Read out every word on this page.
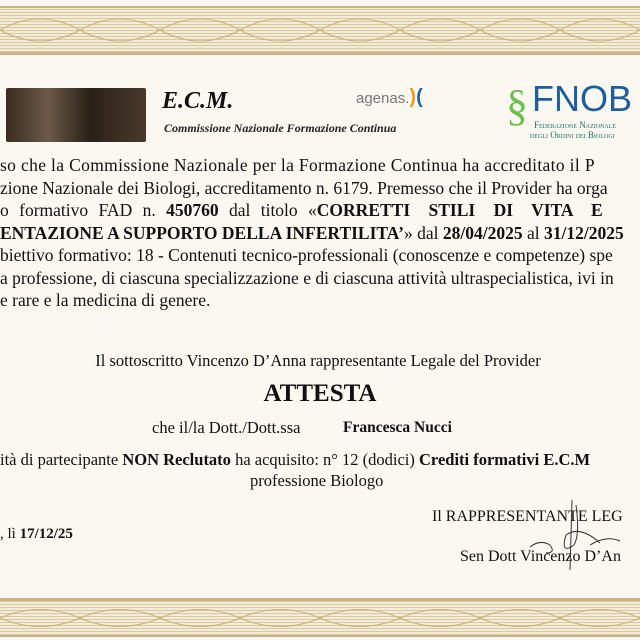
E.C.M.
Commissione Nazionale Formazione Continua
agenas.)( § FNOB
Federazione Nazionale
degli Ordini dei Biologi
so che la Commissione Nazionale per la Formazione Continua ha accreditato il P
zione Nazionale dei Biologi, accreditamento n. 6179. Premesso che il Provider ha orga
o formativo FAD n. 450760 dal titolo «CORRETTI STILI DI VITA E
ENTAZIONE A SUPPORTO DELLA INFERTILITA’» dal 28/04/2025 al 31/12/2025
biettivo formativo: 18 - Contenuti tecnico-professionali (conoscenze e competenze) spe
a professione, di ciascuna specializzazione e di ciascuna attività ultraspecialistica, ivi in
e rare e la medicina di genere.
Il sottoscritto Vincenzo D’Anna rappresentante Legale del Provider
ATTESTA
che il/la Dott./Dott.ssa	Francesca Nucci
ità di partecipante NON Reclutato ha acquisito: n° 12 (dodici) Crediti formativi E.C.M
professione Biologo
, lì 17/12/25
Il RAPPRESENTANTE LEG
Sen Dott Vincenzo D’An
